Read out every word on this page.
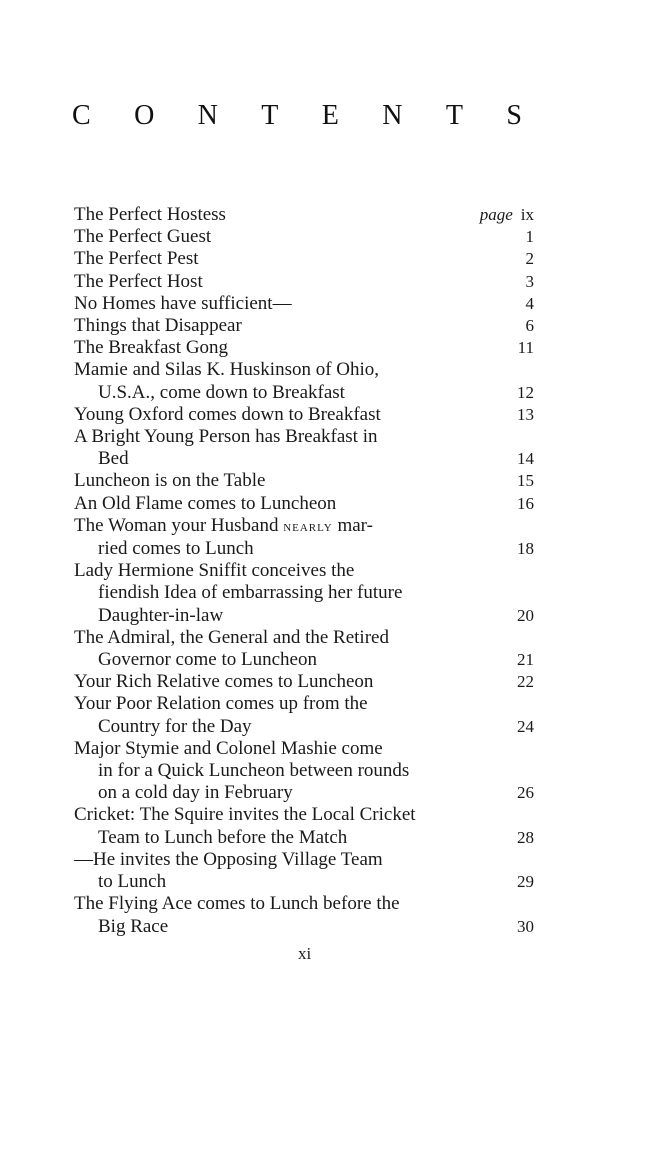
C O N T E N T S
The Perfect Hostess	page ix
The Perfect Guest	1
The Perfect Pest	2
The Perfect Host	3
No Homes have sufficient—	4
Things that Disappear	6
The Breakfast Gong	11
Mamie and Silas K. Huskinson of Ohio,
U.S.A., come down to Breakfast	12
Young Oxford comes down to Breakfast	13
A Bright Young Person has Breakfast in
Bed	14
Luncheon is on the Table	15
An Old Flame comes to Luncheon	16
The Woman your Husband nearly mar-
ried comes to Lunch	18
Lady Hermione Sniffit conceives the
fiendish Idea of embarrassing her future
Daughter-in-law	20
The Admiral, the General and the Retired
Governor come to Luncheon	21
Your Rich Relative comes to Luncheon	22
Your Poor Relation comes up from the
Country for the Day	24
Major Stymie and Colonel Mashie come
in for a Quick Luncheon between rounds
on a cold day in February	26
Cricket: The Squire invites the Local Cricket
Team to Lunch before the Match	28
—He invites the Opposing Village Team
to Lunch	29
The Flying Ace comes to Lunch before the
Big Race	30
xi
